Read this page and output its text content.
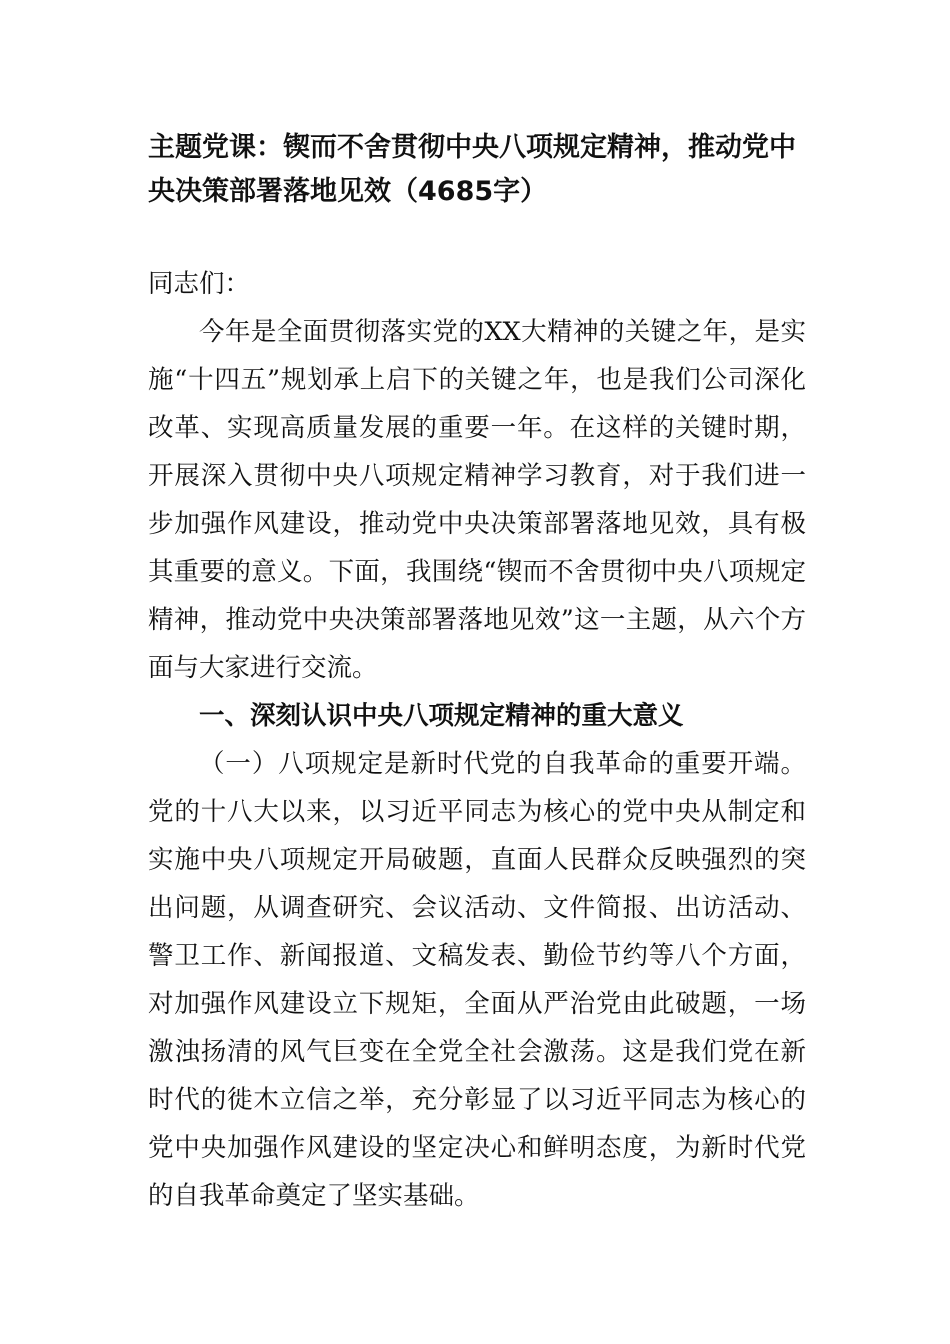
主题党课：锲而不舍贯彻中央八项规定精神，推动党中央决策部署落地见效（4685字）

同志们：

今年是全面贯彻落实党的XX大精神的关键之年，是实施“十四五”规划承上启下的关键之年，也是我们公司深化改革、实现高质量发展的重要一年。在这样的关键时期，开展深入贯彻中央八项规定精神学习教育，对于我们进一步加强作风建设，推动党中央决策部署落地见效，具有极其重要的意义。下面，我围绕“锲而不舍贯彻中央八项规定精神，推动党中央决策部署落地见效”这一主题，从六个方面与大家进行交流。

一、深刻认识中央八项规定精神的重大意义

（一）八项规定是新时代党的自我革命的重要开端。党的十八大以来，以习近平同志为核心的党中央从制定和实施中央八项规定开局破题，直面人民群众反映强烈的突出问题，从调查研究、会议活动、文件简报、出访活动、警卫工作、新闻报道、文稿发表、勤俭节约等八个方面，对加强作风建设立下规矩，全面从严治党由此破题，一场激浊扬清的风气巨变在全党全社会激荡。这是我们党在新时代的徙木立信之举，充分彰显了以习近平同志为核心的党中央加强作风建设的坚定决心和鲜明态度，为新时代党的自我革命奠定了坚实基础。
